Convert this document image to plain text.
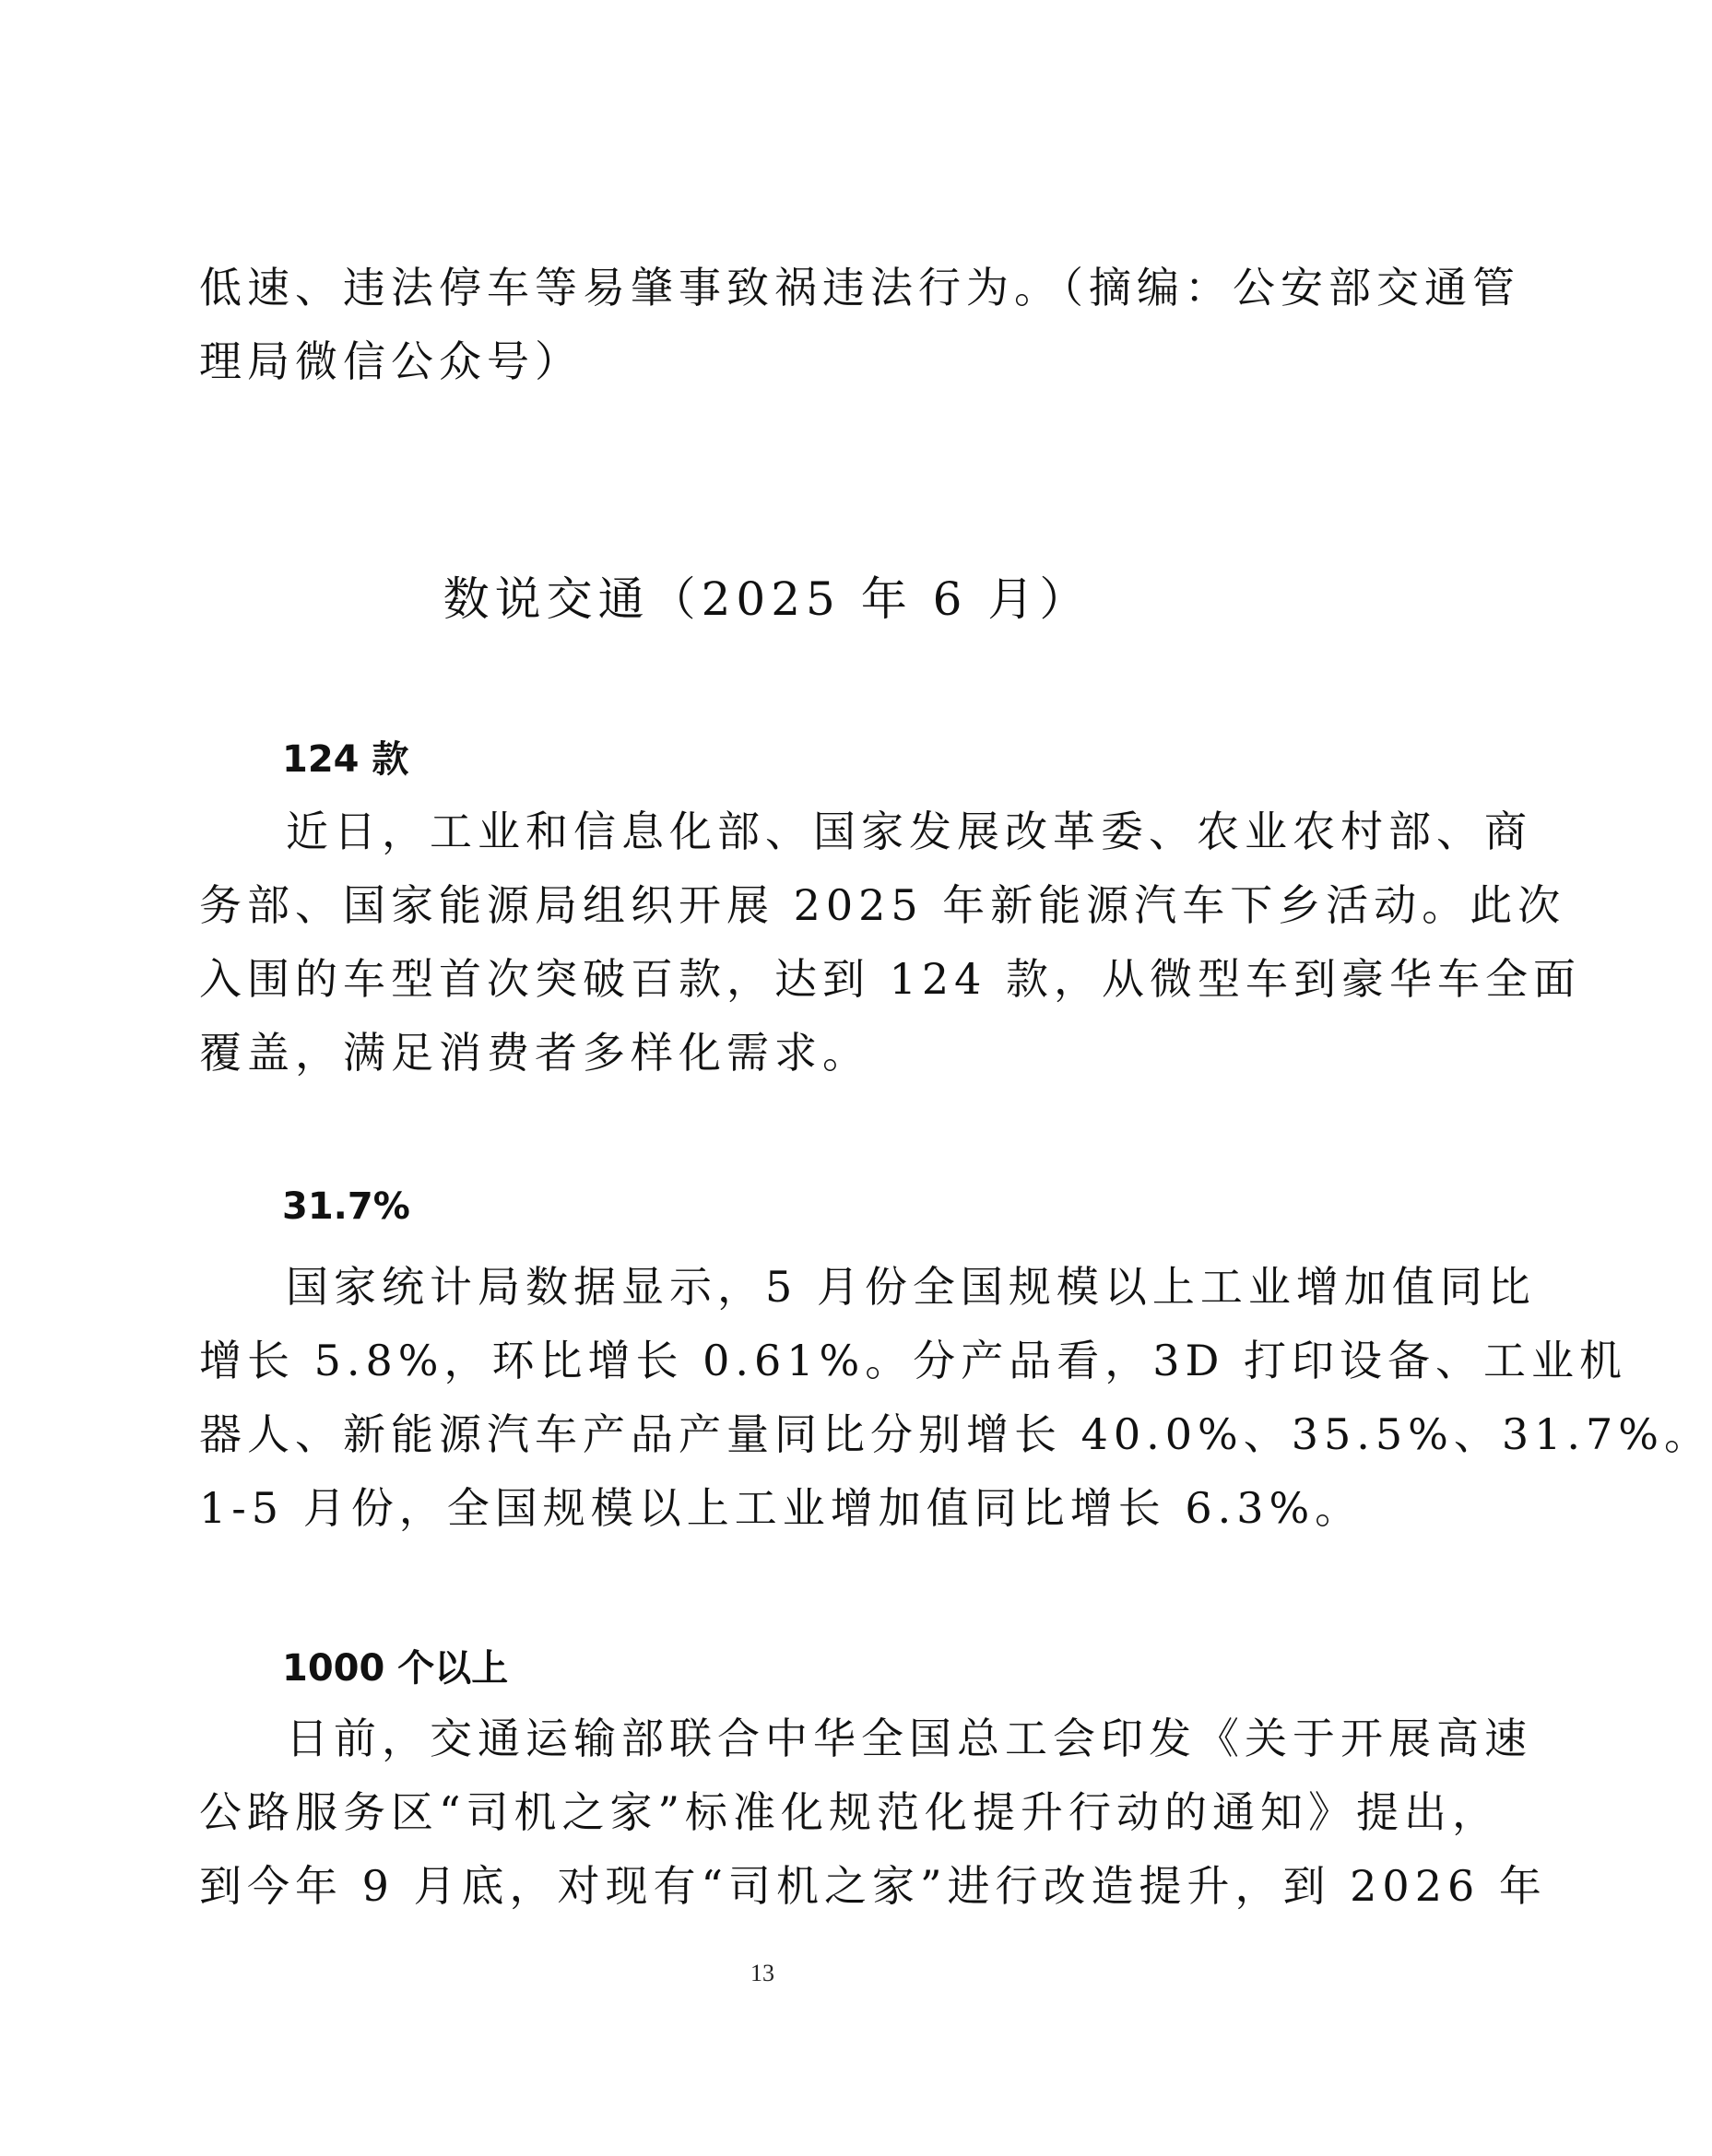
低速、违法停车等易肇事致祸违法行为。（摘编：公安部交通管
理局微信公众号）

数说交通（2025 年 6 月）
124 款

近日，工业和信息化部、国家发展改革委、农业农村部、商
务部、国家能源局组织开展 2025 年新能源汽车下乡活动。此次
入围的车型首次突破百款，达到 124 款，从微型车到豪华车全面
覆盖，满足消费者多样化需求。

31.7%

国家统计局数据显示，5 月份全国规模以上工业增加值同比
增长 5.8%，环比增长 0.61%。分产品看，3D 打印设备、工业机
器人、新能源汽车产品产量同比分别增长 40.0%、35.5%、31.7%。
1-5 月份，全国规模以上工业增加值同比增长 6.3%。

1000 个以上

日前，交通运输部联合中华全国总工会印发《关于开展高速
公路服务区“司机之家”标准化规范化提升行动的通知》提出，
到今年 9 月底，对现有“司机之家”进行改造提升，到 2026 年

13
